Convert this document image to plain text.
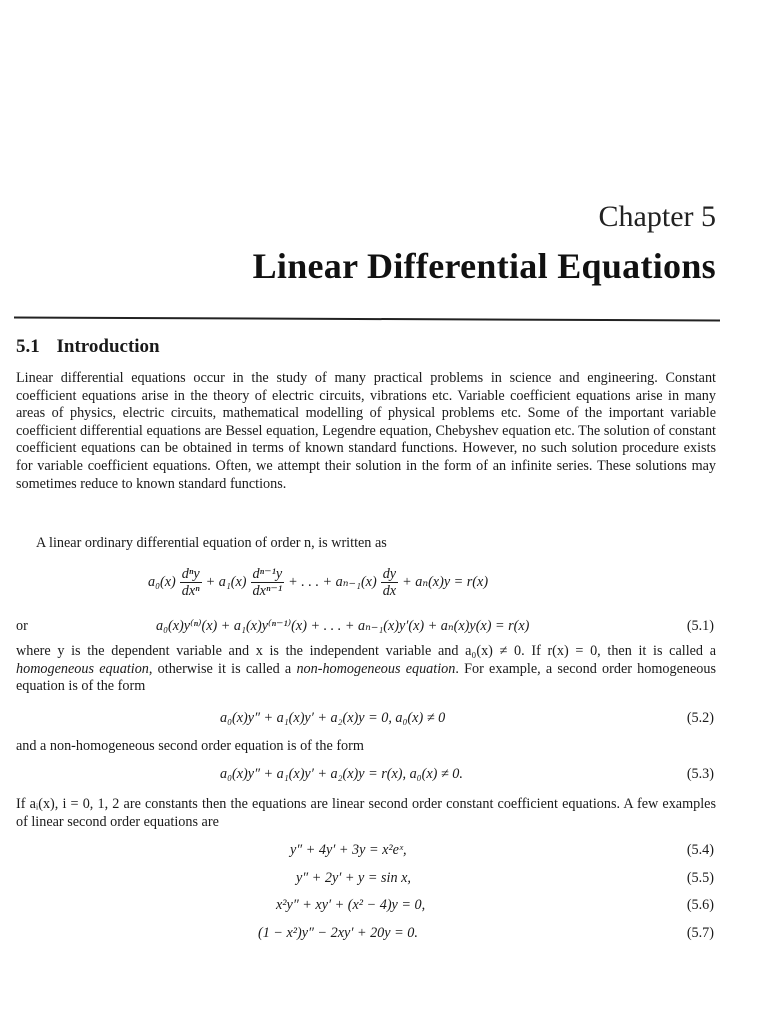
Chapter 5
Linear Differential Equations
5.1 Introduction

Linear differential equations occur in the study of many practical problems in science and engineering. Constant coefficient equations arise in the theory of electric circuits, vibrations etc. Variable coefficient equations arise in many areas of physics, electric circuits, mathematical modelling of physical problems etc. Some of the important variable coefficient differential equations are Bessel equation, Legendre equation, Chebyshev equation etc. The solution of constant coefficient equations can be obtained in terms of known standard functions. However, no such solution procedure exists for variable coefficient equations. Often, we attempt their solution in the form of an infinite series. These solutions may sometimes reduce to known standard functions.

A linear ordinary differential equation of order n, is written as

$a_0(x) \frac{\text{dⁿy}}{\text{dxⁿ}} + a_1(x) \frac{\text{dⁿ⁻¹y}}{\text{dxⁿ⁻¹}}$ + . . . + $a_{n-1}(x) \frac{dy}{dx} + a_n(x)y = r(x)$
or	a₀(x)y⁽ⁿ⁾(x) + a₁(x)y⁽ⁿ⁻¹⁾(x) + . . . + aₙ₋₁(x)y′(x) + aₙ(x)y(x) = r(x)	(5.1)

where y is the dependent variable and x is the independent variable and a₀(x) ≠ 0. If r(x) = 0, then it is called a homogeneous equation, otherwise it is called a non-homogeneous equation. For example, a second order homogeneous equation is of the form

a₀(x)y″ + a₁(x)y′ + a₂(x)y = 0, a₀(x) ≠ 0	(5.2)

and a non-homogeneous second order equation is of the form

a₀(x)y″ + a₁(x)y′ + a₂(x)y = r(x), a₀(x) ≠ 0.	(5.3)

If aᵢ(x), i = 0, 1, 2 are constants then the equations are linear second order constant coefficient equations. A few examples of linear second order equations are

y″ + 4y′ + 3y = x²eˣ,	(5.4)
y″ + 2y′ + y = sin x,	(5.5)
x²y″ + xy′ + (x² − 4)y = 0,	(5.6)
(1 − x²)y″ − 2xy′ + 20y = 0.	(5.7)
